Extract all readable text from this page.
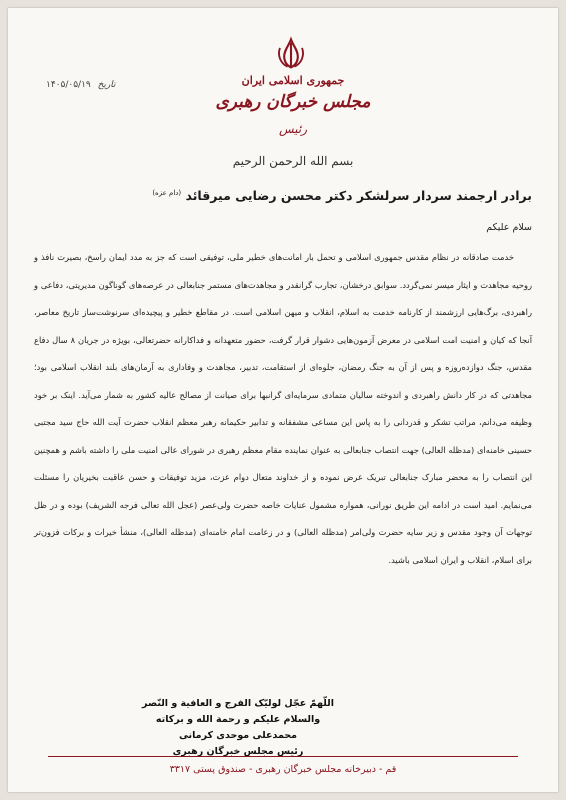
جمهوری اسلامی ایران
مجلس خبرگان رهبری
رئیس
بسم الله الرحمن الرحیم
تاریخ ۱۴۰۵/۰۵/۱۹
برادر ارجمند سردار سرلشکر دکتر محسن رضایی میرقائد $^{(دام عزه)}$
سلام علیکم

خدمت صادقانه در نظام مقدس جمهوری اسلامی و تحمل بار امانت‌های خطیر ملی، توفیقی است که جز به مدد ایمان راسخ، بصیرت نافذ و روحیه مجاهدت و ایثار میسر نمی‌گردد. سوابق درخشان، تجارب گرانقدر و مجاهدت‌های مستمر جنابعالی در عرصه‌های گوناگون مدیریتی، دفاعی و راهبردی، برگ‌هایی ارزشمند از کارنامه خدمت به اسلام، انقلاب و میهن اسلامی است. در مقاطع خطیر و پیچیده‌ای سرنوشت‌ساز تاریخ معاصر، آنجا که کیان و امنیت امت اسلامی در معرض آزمون‌هایی دشوار قرار گرفت، حضور متعهدانه و فداکارانه حضرتعالی، بویژه در جریان ۸ سال دفاع مقدس، جنگ دوازده‌روزه و پس از آن به جنگ رمضان، جلوه‌ای از استقامت، تدبیر، مجاهدت و وفاداری به آرمان‌های بلند انقلاب اسلامی بود؛ مجاهدتی که در کار دانش راهبردی و اندوخته سالیان متمادی سرمایه‌ای گرانبها برای صیانت از مصالح عالیه کشور به شمار می‌آید. اینک بر خود وظیفه می‌دانم، مراتب تشکر و قدردانی را به پاس این مساعی مشفقانه و تدابیر حکیمانه رهبر معظم انقلاب حضرت آیت الله حاج سید مجتبی حسینی خامنه‌ای (مدظله العالی) جهت انتصاب جنابعالی به عنوان نماینده مقام معظم رهبری در شورای عالی امنیت ملی را داشته باشم و همچنین این انتصاب را به محضر مبارک جنابعالی تبریک عرض نموده و از خداوند متعال دوام عزت، مزید توفیقات و حسن عاقبت بخیریان را مسئلت می‌نمایم. امید است در ادامه این طریق نورانی، همواره مشمول عنایات خاصه حضرت ولی‌عصر (عجل الله تعالی فرجه الشریف) بوده و در ظل توجهات آن وجود مقدس و زیر سایه حضرت ولی‌امر (مدظله العالی) و در زعامت امام خامنه‌ای (مدظله العالی)، منشأ خیرات و برکات فزون‌تر برای اسلام، انقلاب و ایران اسلامی باشید.

اللّهمّ عجّل لولیّک الفرج و العافیة و النّصر
والسلام علیکم و رحمة الله و برکاته
محمدعلی موحدی کرمانی
رئیس مجلس خبرگان رهبری
قم - دبیرخانه مجلس خبرگان رهبری - صندوق پستی ۳۳۱۷
